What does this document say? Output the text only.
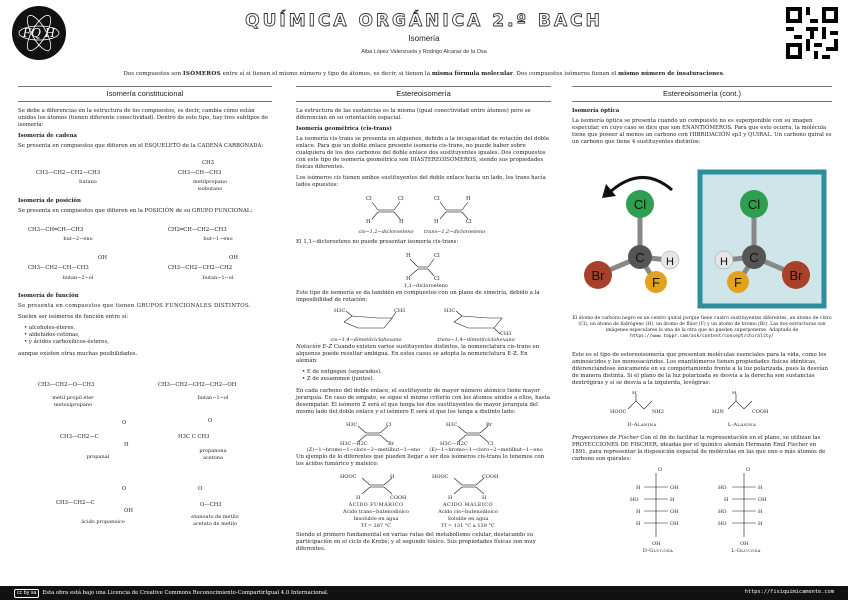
FQ H
QUÍMICA ORGÁNICA 2.º BACH
Isomería
Alba López Valenzuela y Rodrigo Alcaraz de la Osa
Dos compuestos son ISÓMEROS entre sí si tienen el mismo número y tipo de átomos, es decir, si tienen la misma fórmula molecular. Dos compuestos isómeros tienen el mismo número de insaturaciones.
Isomería constitucional

Se debe a diferencias en la estructura de los compuestos, es decir, cambia cómo están unidos los átomos (tienen diferente conectividad). Dentro de este tipo, hay tres subtipos de isomería:

Isomería de cadena

Se presenta en compuestos que difieren en el ESQUELETO de la CADENA CARBONADA:

CH3—CH2—CH2—CH3
butano
CH3
CH3—CH—CH3
metilpropano
isobutano
Isomería de posición

Se presenta en compuestos que difieren en la POSICIÓN de su GRUPO FUNCIONAL:

CH3—CH═CH—CH3
but−2−eno
CH2═CH—CH2—CH3
but−1−eno
OH
CH3—CH2—CH—CH3
butan−2−ol
OH
CH3—CH2—CH2—CH2
butan−1−ol
Isomería de función

Se presenta en compuestos que tienen GRUPOS FUNCIONALES DISTINTOS.

Suelen ser isómeros de función entre sí:

• alcoholes-éteres,
• aldehídos-cetonas,
• y ácidos carboxílicos-ésteres,

aunque existen otras muchas posibilidades.

CH3—CH2—O—CH3
metil propil éter
metoxipropano
CH3—CH2—CH2—CH2—OH
butan−1−ol
O
CH3—CH2—C
H
propanal
O
H3C C CH3
propanona
acetona
O
CH3—CH2—C
OH
ácido propanoico
O
O—CH3
etanoato de metilo
acetato de metilo
Estereoisomería

La estructura de las sustancias es la misma (igual conectividad entre átomos) pero se diferencian en su orientación espacial.

Isomería geométrica (cis-trans)

La isomería cis-trans se presenta en alquenos, debido a la incapacidad de rotación del doble enlace. Para que un doble enlace presente isomería cis-trans, no puede haber sobre cualquiera de los dos carbonos del doble enlace dos sustituyentes iguales. Dos compuestos con este tipo de isomería geométrica son DIASTEREOISÓMEROS, siendo sus propiedades físicas diferentes.

Los isómeros cis tienen ambos sustituyentes del doble enlace hacia un lado, los trans hacia lados opuestos:

Cl	Cl
H	H
Cl	H
H	Cl
cis−1,2−dicloroeteno	trans−1,2−dicloroeteno

El 1,1−dicloroeteno no puede presentar isomería cis-trans:

H	Cl
H	Cl
1,1−dicloroeteno

Este tipo de isomería se da también en compuestos con un plano de simetría, debido a la imposibilidad de rotación:

H3C	CH3	H3C
CH3
cis−1,4−dimetilciclohexano	trans−1,4−dimetilciclohexano

Notación E-Z Cuando existen varios sustituyentes distintos, la nomenclatura cis-trans en alquenos puede resultar ambigua. En estos casos se adopta la nomenclatura E-Z. En alemán:

• E de entgegen (separados).
• Z de zusammen (juntos).

En cada carbono del doble enlace, el sustituyente de mayor número atómico tiene mayor jerarquía. En caso de empate, se sigue el mismo criterio con los átomos unidos a ellos, hasta desempatar. El isómero Z será el que tenga los dos sustituyentes de mayor jerarquía del mismo lado del doble enlace y el isómero E será el que los tenga a distinto lado:

H3C	Cl
H3C—H2C	Br
H3C	Br
H3C—H2C	Cl
(Z)−1−bromo−1−cloro−2−metilbut−1−eno	(E)−1−bromo−1−cloro−2−metilbut−1−eno

Un ejemplo de lo diferentes que pueden llegar a ser dos isómeros cis-trans lo tenemos con los ácidos fumárico y maleico:

HOOC	H
H	COOH
HOOC	COOH
H	H
ÁCIDO FUMÁRICO
Ácido trans−butenodioico
Insoluble en agua
Tf = 287 °C
ÁCIDO MALEICO
Ácido cis−butenodioico
Soluble en agua
Tf = 131 °C a 139 °C

Siendo el primero fundamental en varias rutas del metabolismo celular, destacando su participación en el ciclo de Krebs; y el segundo tóxico. Sus propiedades físicas son muy diferentes.

Estereoisomería (cont.)
Isomería óptica

La isomería óptica se presenta cuando un compuesto no es superponible con su imagen especular, en cuyo caso se dice que son ENANTIÓMEROS. Para que esto ocurra, la molécula tiene que poseer al menos un carbono con HIBRIDACIÓN sp3 y QUIRAL. Un carbono quiral es un carbono que tiene 4 sustituyentes distintos:

Cl
C
Br
H
F
Cl
C
Br
H
F
El átomo de carbono negro es un centro quiral porque tiene cuatro sustituyentes diferentes, un átomo de cloro (Cl), un átomo de hidrógeno (H), un átomo de flúor (F) y un átomo de bromo (Br). Las dos estructuras son imágenes especulares la una de la otra que no pueden superponerse. Adaptada de https://www.toppr.com/ask/content/concept/chirality/

Este es el tipo de estereoisomería que presentan moléculas esenciales para la vida, como los aminoácidos y los monosacáridos. Los enantiómeros tienen propiedades físicas idénticas, diferenciándose únicamente en su comportamiento frente a la luz polarizada, pues la desvían de manera distinta. Si el plano de la luz polarizada se desvía a la derecha son sustancias dextrógiras y si se desvía a la izquierda, levógiras:

HOOC	NH2
H
H2N	COOH
H
D-Alanina	L-Alanina

Proyecciones de Fischer Con el fin de facilitar la representación en el plano, se utilizan las PROYECCIONES DE FISCHER, ideadas por el químico alemán Hermann Emil Fischer en 1891, para representar la disposición espacial de moléculas en las que uno o más átomos de carbono son quirales:

O
H	OH
HO	H
H	OH
H	OH
OH
O
HO	H
H	OH
HO	H
HO	H
OH
D-Glucosa	L-Glucosa
cc by sa Esta obra está bajo una Licencia de Creative Commons Reconocimiento-CompartirIgual 4.0 Internacional.	https://fisiquimicamente.com
